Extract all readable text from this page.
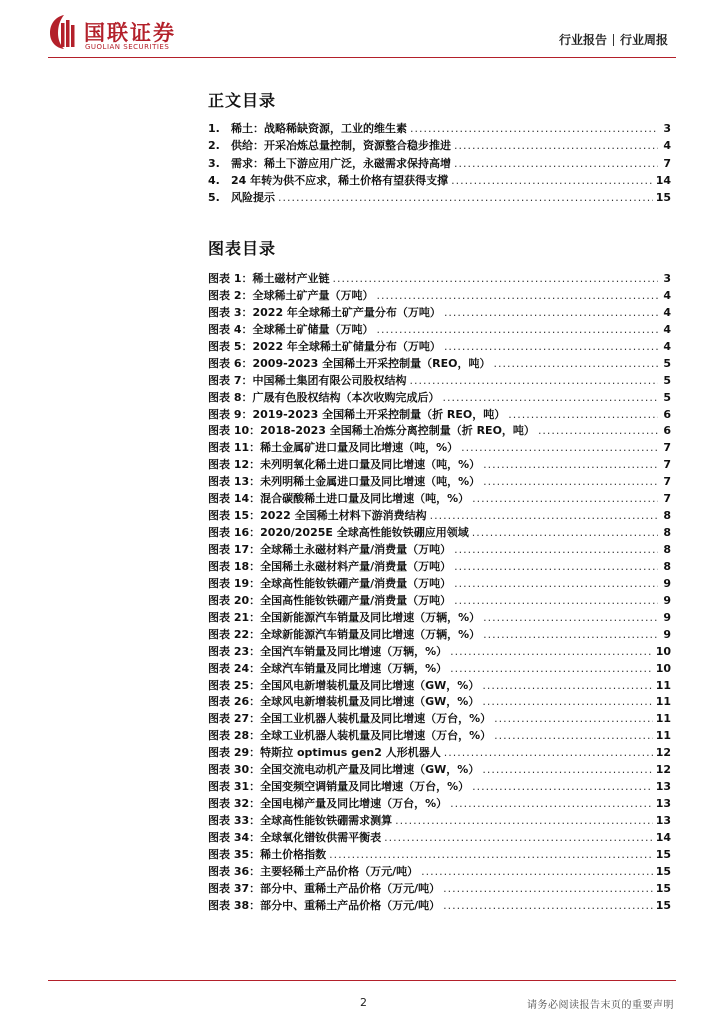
国联证券
GUOLIAN SECURITIES	行业报告 行业周报
正文目录
1.	稀土：战略稀缺资源，工业的维生素 .....	3
2.	供给：开采冶炼总量控制，资源整合稳步推进 .....	4
3.	需求：稀土下游应用广泛，永磁需求保持高增 .....	7
4.	24 年转为供不应求，稀土价格有望获得支撑 .....	14
5.	风险提示 .....	15
图表目录
图表 1：稀土磁材产业链 .....	3
图表 2：全球稀土矿产量（万吨） .....	4
图表 3：2022 年全球稀土矿产量分布（万吨） .....	4
图表 4：全球稀土矿储量（万吨） .....	4
图表 5：2022 年全球稀土矿储量分布（万吨） .....	4
图表 6：2009-2023 全国稀土开采控制量（REO，吨） .....	5
图表 7：中国稀土集团有限公司股权结构 .....	5
图表 8：广晟有色股权结构（本次收购完成后） .....	5
图表 9：2019-2023 全国稀土开采控制量（折 REO，吨） .....	6
图表 10：2018-2023 全国稀土冶炼分离控制量（折 REO，吨） .....	6
图表 11：稀土金属矿进口量及同比增速（吨，%） .....	7
图表 12：未列明氧化稀土进口量及同比增速（吨，%） .....	7
图表 13：未列明稀土金属进口量及同比增速（吨，%） .....	7
图表 14：混合碳酸稀土进口量及同比增速（吨，%） .....	7
图表 15：2022 全国稀土材料下游消费结构 .....	8
图表 16：2020/2025E 全球高性能钕铁硼应用领域 .....	8
图表 17：全球稀土永磁材料产量/消费量（万吨） .....	8
图表 18：全国稀土永磁材料产量/消费量（万吨） .....	8
图表 19：全球高性能钕铁硼产量/消费量（万吨） .....	9
图表 20：全国高性能钕铁硼产量/消费量（万吨） .....	9
图表 21：全国新能源汽车销量及同比增速（万辆，%） .....	9
图表 22：全球新能源汽车销量及同比增速（万辆，%） .....	9
图表 23：全国汽车销量及同比增速（万辆，%） .....	10
图表 24：全球汽车销量及同比增速（万辆，%） .....	10
图表 25：全国风电新增装机量及同比增速（GW，%） .....	11
图表 26：全球风电新增装机量及同比增速（GW，%） .....	11
图表 27：全国工业机器人装机量及同比增速（万台，%） .....	11
图表 28：全球工业机器人装机量及同比增速（万台，%） .....	11
图表 29：特斯拉 optimus gen2 人形机器人 .....	12
图表 30：全国交流电动机产量及同比增速（GW，%） .....	12
图表 31：全国变频空调销量及同比增速（万台，%） .....	13
图表 32：全国电梯产量及同比增速（万台，%） .....	13
图表 33：全球高性能钕铁硼需求测算 .....	13
图表 34：全球氧化镨钕供需平衡表 .....	14
图表 35：稀土价格指数 .....	15
图表 36：主要轻稀土产品价格（万元/吨） .....	15
图表 37：部分中、重稀土产品价格（万元/吨） .....	15
图表 38：部分中、重稀土产品价格（万元/吨） .....	15
2	请务必阅读报告末页的重要声明
